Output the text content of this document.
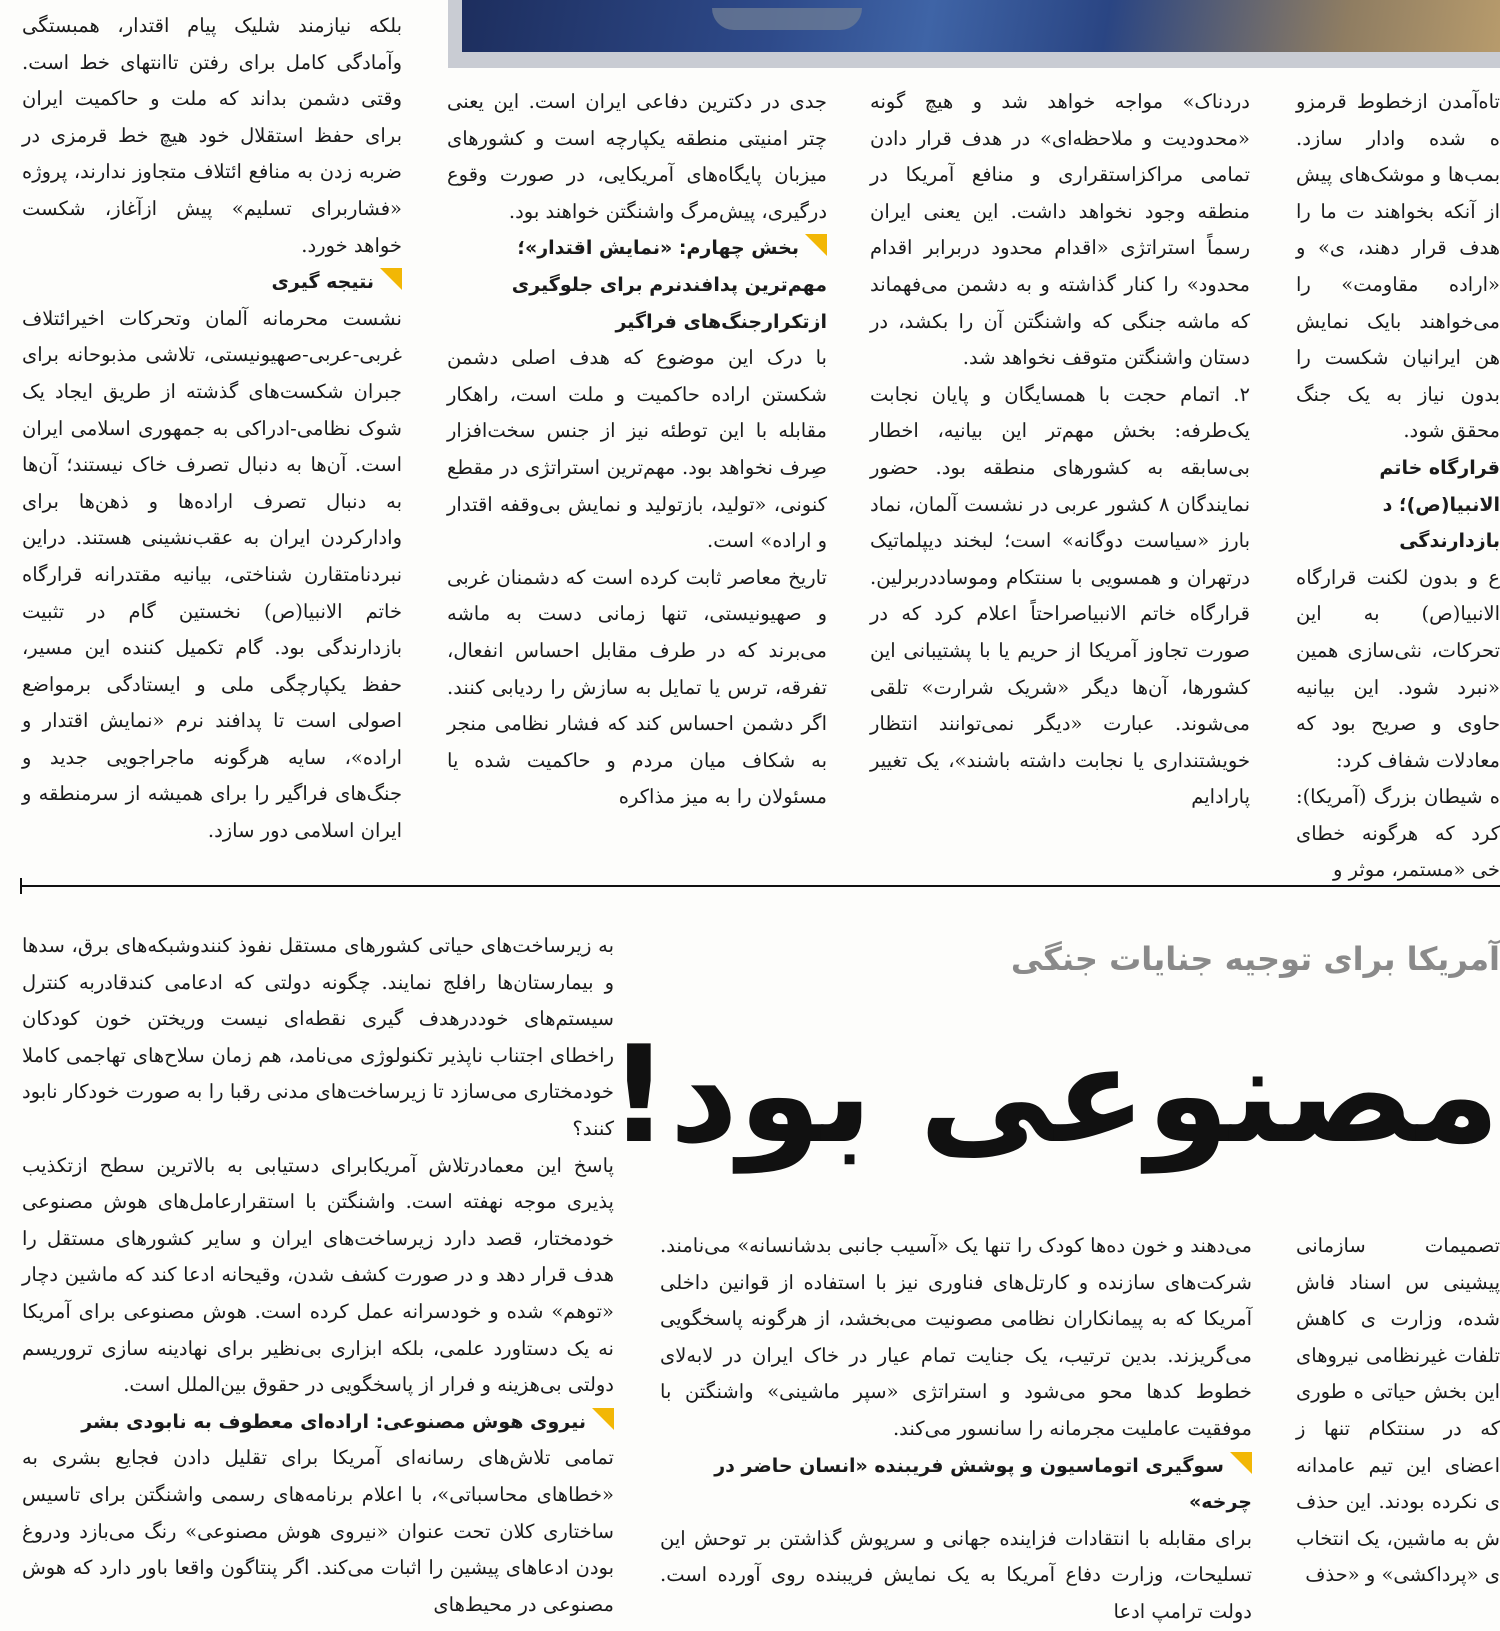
بلکه نیازمند شلیک پیام اقتدار، همبستگی وآمادگی کامل برای رفتن تاانتهای خط است. وقتی دشمن بداند که ملت و حاکمیت ایران برای حفظ استقلال خود هیچ خط قرمزی در ضربه زدن به منافع ائتلاف متجاوز ندارند، پروژه «فشاربرای تسلیم» پیش ازآغاز، شکست خواهد خورد.

نتیجه گیری

نشست محرمانه آلمان وتحرکات اخیرائتلاف غربی-عربی-صهیونیستی، تلاشی مذبوحانه برای جبران شکست‌های گذشته از طریق ایجاد یک شوک نظامی-ادراکی به جمهوری اسلامی ایران است. آن‌ها به دنبال تصرف خاک نیستند؛ آن‌ها به دنبال تصرف اراده‌ها و ذهن‌ها برای وادارکردن ایران به عقب‌نشینی هستند. دراین نبردنامتقارن شناختی، بیانیه مقتدرانه قرارگاه خاتم الانبیا(ص) نخستین گام در تثبیت بازدارندگی بود. گام تکمیل کننده این مسیر، حفظ یکپارچگی ملی و ایستادگی برمواضع اصولی است تا پدافند نرم «نمایش اقتدار و اراده»، سایه هرگونه ماجراجویی جدید و جنگ‌های فراگیر را برای همیشه از سرمنطقه و ایران اسلامی دور سازد.

جدی در دکترین دفاعی ایران است. این یعنی چتر امنیتی منطقه یکپارچه است و کشورهای میزبان پایگاه‌های آمریکایی، در صورت وقوع درگیری، پیش‌مرگ واشنگتن خواهند بود.

بخش چهارم: «نمایش اقتدار»؛ مهم‌ترین پدافندنرم برای جلوگیری ازتکرارجنگ‌های فراگیر

با درک این موضوع که هدف اصلی دشمن شکستن اراده حاکمیت و ملت است، راهکار مقابله با این توطئه نیز از جنس سخت‌افزار صِرف نخواهد بود. مهم‌ترین استراتژی در مقطع کنونی، «تولید، بازتولید و نمایش بی‌وقفه اقتدار و اراده» است.

تاریخ معاصر ثابت کرده است که دشمنان غربی و صهیونیستی، تنها زمانی دست به ماشه می‌برند که در طرف مقابل احساس انفعال، تفرقه، ترس یا تمایل به سازش را ردیابی کنند. اگر دشمن احساس کند که فشار نظامی منجر به شکاف میان مردم و حاکمیت شده یا مسئولان را به میز مذاکره

دردناک» مواجه خواهد شد و هیچ گونه «محدودیت و ملاحظه‌ای» در هدف قرار دادن تمامی مراکزاستقراری و منافع آمریکا در منطقه وجود نخواهد داشت. این یعنی ایران رسماً استراتژی «اقدام محدود دربرابر اقدام محدود» را کنار گذاشته و به دشمن می‌فهماند که ماشه جنگی که واشنگتن آن را بکشد، در دستان واشنگتن متوقف نخواهد شد.

۲. اتمام حجت با همسایگان و پایان نجابت یک‌طرفه: بخش مهم‌تر این بیانیه، اخطار بی‌سابقه به کشورهای منطقه بود. حضور نمایندگان ۸ کشور عربی در نشست آلمان، نماد بارز «سیاست دوگانه» است؛ لبخند دیپلماتیک درتهران و همسویی با سنتکام وموساددربرلین. قرارگاه خاتم الانبیاصراحتاً اعلام کرد که در صورت تجاوز آمریکا از حریم یا با پشتیبانی این کشورها، آن‌ها دیگر «شریک شرارت» تلقی می‌شوند. عبارت «دیگر نمی‌توانند انتظار خویشتنداری یا نجابت داشته باشند»، یک تغییر پارادایم

تاه‌آمدن ازخطوط قرمزو ه شده وادار سازد. بمب‌ها و موشک‌های پیش از آنکه بخواهند ت ما را هدف قرار دهند، ی» و «اراده مقاومت» را می‌خواهند بایک نمایش هن ایرانیان شکست را بدون نیاز به یک جنگ محقق شود.

قرارگاه خاتم الانبیا(ص)؛ د بازدارندگی

ع و بدون لکنت قرارگاه الانبیا(ص) به این تحرکات، نثی‌سازی همین «نبرد شود. این بیانیه حاوی و صریح بود که معادلات شفاف کرد:

ه شیطان بزرگ (آمریکا): کرد که هرگونه خطای خی «مستمر، موثر و

آمریکا برای توجیه جنایات جنگی
مصنوعی بود!

به زیرساخت‌های حیاتی کشورهای مستقل نفوذ کنندوشبکه‌های برق، سدها و بیمارستان‌ها رافلج نمایند. چگونه دولتی که ادعامی کندقادربه کنترل سیستم‌های خوددرهدف گیری نقطه‌ای نیست وریختن خون کودکان راخطای اجتناب ناپذیر تکنولوژی می‌نامد، هم زمان سلاح‌های تهاجمی کاملا خودمختاری می‌سازد تا زیرساخت‌های مدنی رقبا را به صورت خودکار نابود کنند؟

پاسخ این معمادرتلاش آمریکابرای دستیابی به بالاترین سطح ازتکذیب پذیری موجه نهفته است. واشنگتن با استقرارعامل‌های هوش مصنوعی خودمختار، قصد دارد زیرساخت‌های ایران و سایر کشورهای مستقل را هدف قرار دهد و در صورت کشف شدن، وقیحانه ادعا کند که ماشین دچار «توهم» شده و خودسرانه عمل کرده است. هوش مصنوعی برای آمریکا نه یک دستاورد علمی، بلکه ابزاری بی‌نظیر برای نهادینه سازی تروریسم دولتی بی‌هزینه و فرار از پاسخگویی در حقوق بین‌الملل است.

نیروی هوش مصنوعی: اراده‌ای معطوف به نابودی بشر

تمامی تلاش‌های رسانه‌ای آمریکا برای تقلیل دادن فجایع بشری به «خطاهای محاسباتی»، با اعلام برنامه‌های رسمی واشنگتن برای تاسیس ساختاری کلان تحت عنوان «نیروی هوش مصنوعی» رنگ می‌بازد ودروغ بودن ادعاهای پیشین را اثبات می‌کند. اگر پنتاگون واقعا باور دارد که هوش مصنوعی در محیط‌های

می‌دهند و خون ده‌ها کودک را تنها یک «آسیب جانبی بدشانسانه» می‌نامند. شرکت‌های سازنده و کارتل‌های فناوری نیز با استفاده از قوانین داخلی آمریکا که به پیمانکاران نظامی مصونیت می‌بخشد، از هرگونه پاسخگویی می‌گریزند. بدین ترتیب، یک جنایت تمام عیار در خاک ایران در لابه‌لای خطوط کدها محو می‌شود و استراتژی «سپر ماشینی» واشنگتن با موفقیت عاملیت مجرمانه را سانسور می‌کند.

سوگیری اتوماسیون و پوشش فریبنده «انسان حاضر در چرخه»

برای مقابله با انتقادات فزاینده جهانی و سرپوش گذاشتن بر توحش این تسلیحات، وزارت دفاع آمریکا به یک نمایش فریبنده روی آورده است. دولت ترامپ ادعا

تصمیمات سازمانی پیشینی س اسناد فاش شده، وزارت ی کاهش تلفات غیرنظامی نیروهای این بخش حیاتی ه طوری که در سنتکام تنها ز اعضای این تیم عامدانه ی نکرده بودند. این حذف ش به ماشین، یک انتخاب ی «پرداکشی» و «حذف
